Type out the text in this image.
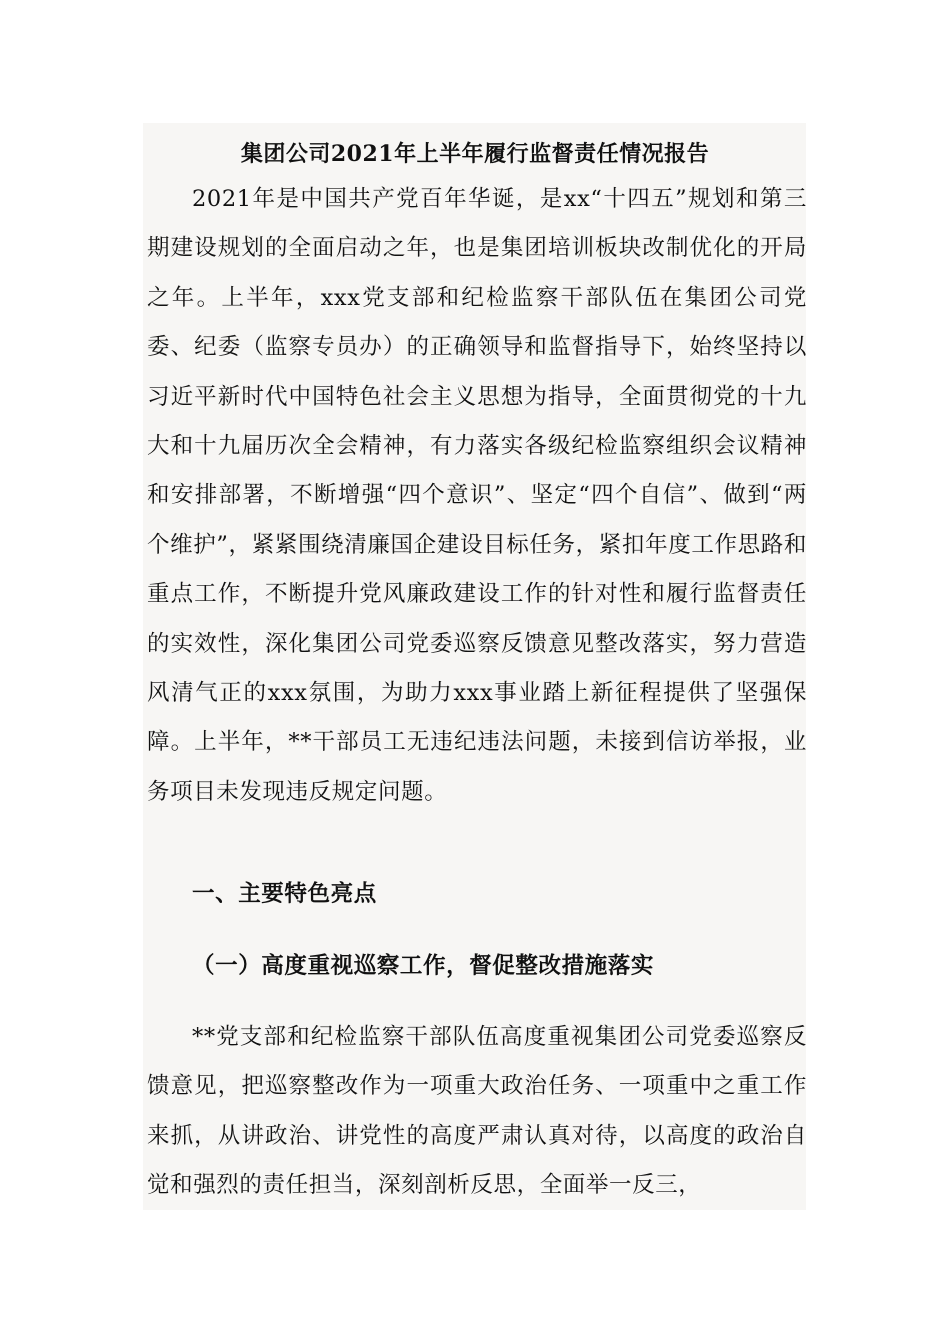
集团公司2021年上半年履行监督责任情况报告

2021年是中国共产党百年华诞，是xx“十四五”规划和第三期建设规划的全面启动之年，也是集团培训板块改制优化的开局之年。上半年，xxx党支部和纪检监察干部队伍在集团公司党委、纪委（监察专员办）的正确领导和监督指导下，始终坚持以习近平新时代中国特色社会主义思想为指导，全面贯彻党的十九大和十九届历次全会精神，有力落实各级纪检监察组织会议精神和安排部署，不断增强“四个意识”、坚定“四个自信”、做到“两个维护”，紧紧围绕清廉国企建设目标任务，紧扣年度工作思路和重点工作，不断提升党风廉政建设工作的针对性和履行监督责任的实效性，深化集团公司党委巡察反馈意见整改落实，努力营造风清气正的xxx氛围，为助力xxx事业踏上新征程提供了坚强保障。上半年，**干部员工无违纪违法问题，未接到信访举报，业务项目未发现违反规定问题。

一、主要特色亮点
（一）高度重视巡察工作，督促整改措施落实

**党支部和纪检监察干部队伍高度重视集团公司党委巡察反馈意见，把巡察整改作为一项重大政治任务、一项重中之重工作来抓，从讲政治、讲党性的高度严肃认真对待，以高度的政治自觉和强烈的责任担当，深刻剖析反思，全面举一反三，
